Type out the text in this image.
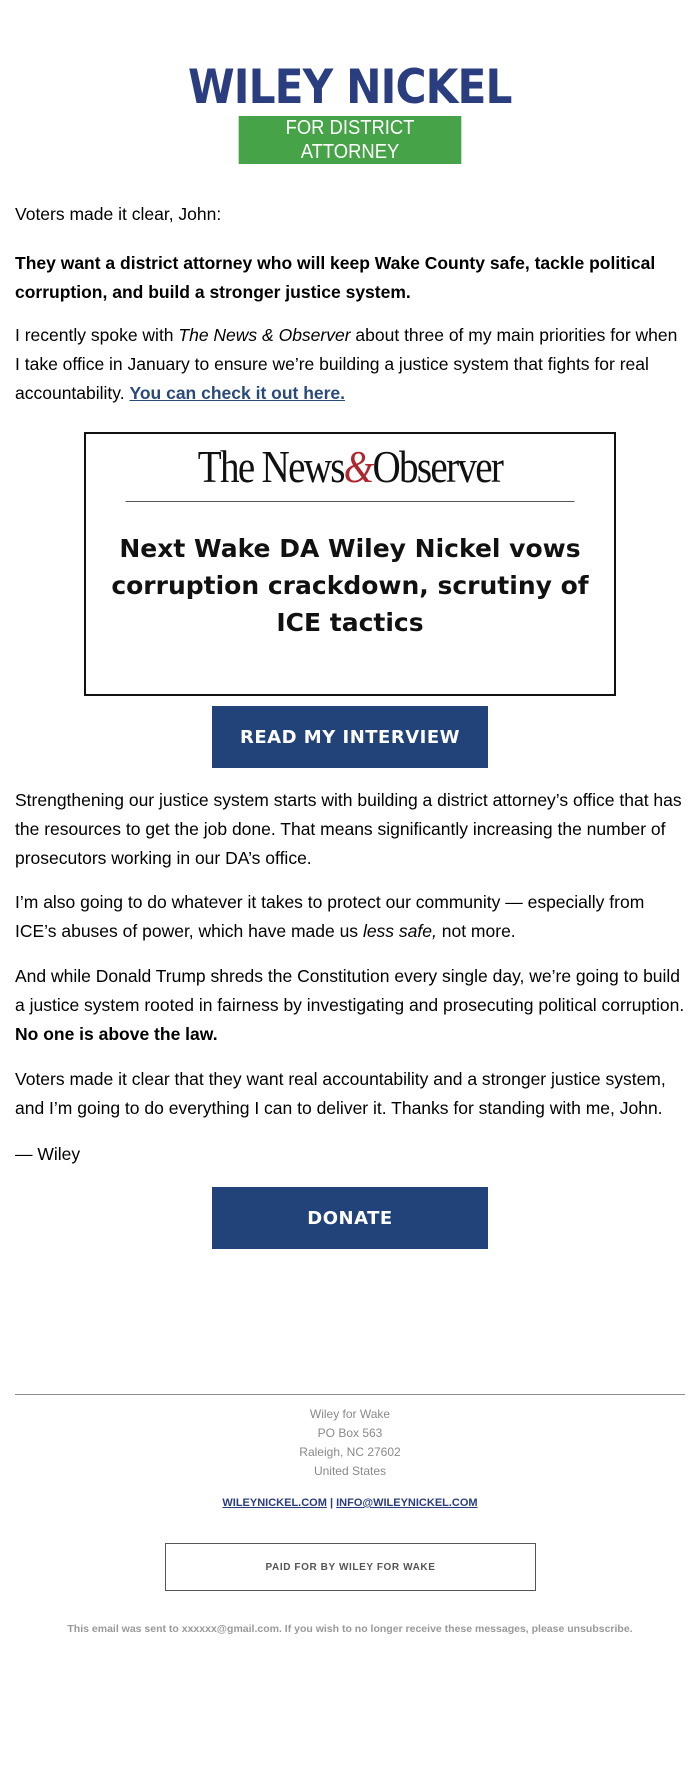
WILEY NICKEL
FOR DISTRICT ATTORNEY

Voters made it clear, John:

They want a district attorney who will keep Wake County safe, tackle political corruption, and build a stronger justice system.

I recently spoke with The News & Observer about three of my main priorities for when I take office in January to ensure we’re building a justice system that fights for real accountability. You can check it out here.

The News&Observer
Next Wake DA Wiley Nickel vows corruption crackdown, scrutiny of ICE tactics
READ MY INTERVIEW

Strengthening our justice system starts with building a district attorney’s office that has the resources to get the job done. That means significantly increasing the number of prosecutors working in our DA’s office.

I’m also going to do whatever it takes to protect our community — especially from ICE’s abuses of power, which have made us less safe, not more.

And while Donald Trump shreds the Constitution every single day, we’re going to build a justice system rooted in fairness by investigating and prosecuting political corruption. No one is above the law.

Voters made it clear that they want real accountability and a stronger justice system, and I’m going to do everything I can to deliver it. Thanks for standing with me, John.

— Wiley

DONATE
Wiley for Wake
PO Box 563
Raleigh, NC 27602
United States
WILEYNICKEL.COM | INFO@WILEYNICKEL.COM
PAID FOR BY WILEY FOR WAKE
This email was sent to xxxxxx@gmail.com. If you wish to no longer receive these messages, please unsubscribe.
